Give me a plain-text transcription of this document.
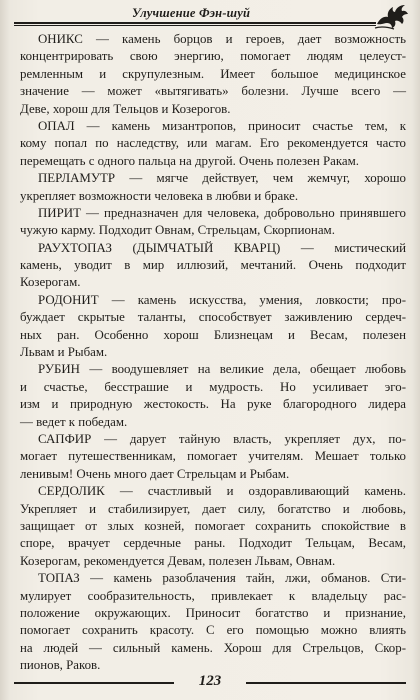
Улучшение Фэн-шуй
ОНИКС — камень борцов и героев, дает возможность
концентрировать свою энергию, помогает людям целеуст-
ремленным и скрупулезным. Имеет большое медицинское
значение — может «вытягивать» болезни. Лучше всего —
Деве, хорош для Тельцов и Козерогов.
ОПАЛ — камень мизантропов, приносит счастье тем, к
кому попал по наследству, или магам. Его рекомендуется часто
перемещать с одного пальца на другой. Очень полезен Ракам.
ПЕРЛАМУТР — мягче действует, чем жемчуг, хорошо
укрепляет возможности человека в любви и браке.
ПИРИТ — предназначен для человека, добровольно принявшего
чужую карму. Подходит Овнам, Стрельцам, Скорпионам.
РАУХТОПАЗ (ДЫМЧАТЫЙ КВАРЦ) — мистический
камень, уводит в мир иллюзий, мечтаний. Очень подходит
Козерогам.
РОДОНИТ — камень искусства, умения, ловкости; про-
буждает скрытые таланты, способствует заживлению сердеч-
ных ран. Особенно хорош Близнецам и Весам, полезен
Львам и Рыбам.
РУБИН — воодушевляет на великие дела, обещает любовь
и счастье, бесстрашие и мудрость. Но усиливает эго-
изм и природную жестокость. На руке благородного лидера
— ведет к победам.
САПФИР — дарует тайную власть, укрепляет дух, по-
могает путешественникам, помогает учителям. Мешает только
ленивым! Очень много дает Стрельцам и Рыбам.
СЕРДОЛИК — счастливый и оздоравливающий камень.
Укрепляет и стабилизирует, дает силу, богатство и любовь,
защищает от злых козней, помогает сохранить спокойствие в
споре, врачует сердечные раны. Подходит Тельцам, Весам,
Козерогам, рекомендуется Девам, полезен Львам, Овнам.
ТОПАЗ — камень разоблачения тайн, лжи, обманов. Сти-
мулирует сообразительность, привлекает к владельцу рас-
положение окружающих. Приносит богатство и признание,
помогает сохранить красоту. С его помощью можно влиять
на людей — сильный камень. Хорош для Стрельцов, Скор-
пионов, Раков.
123
